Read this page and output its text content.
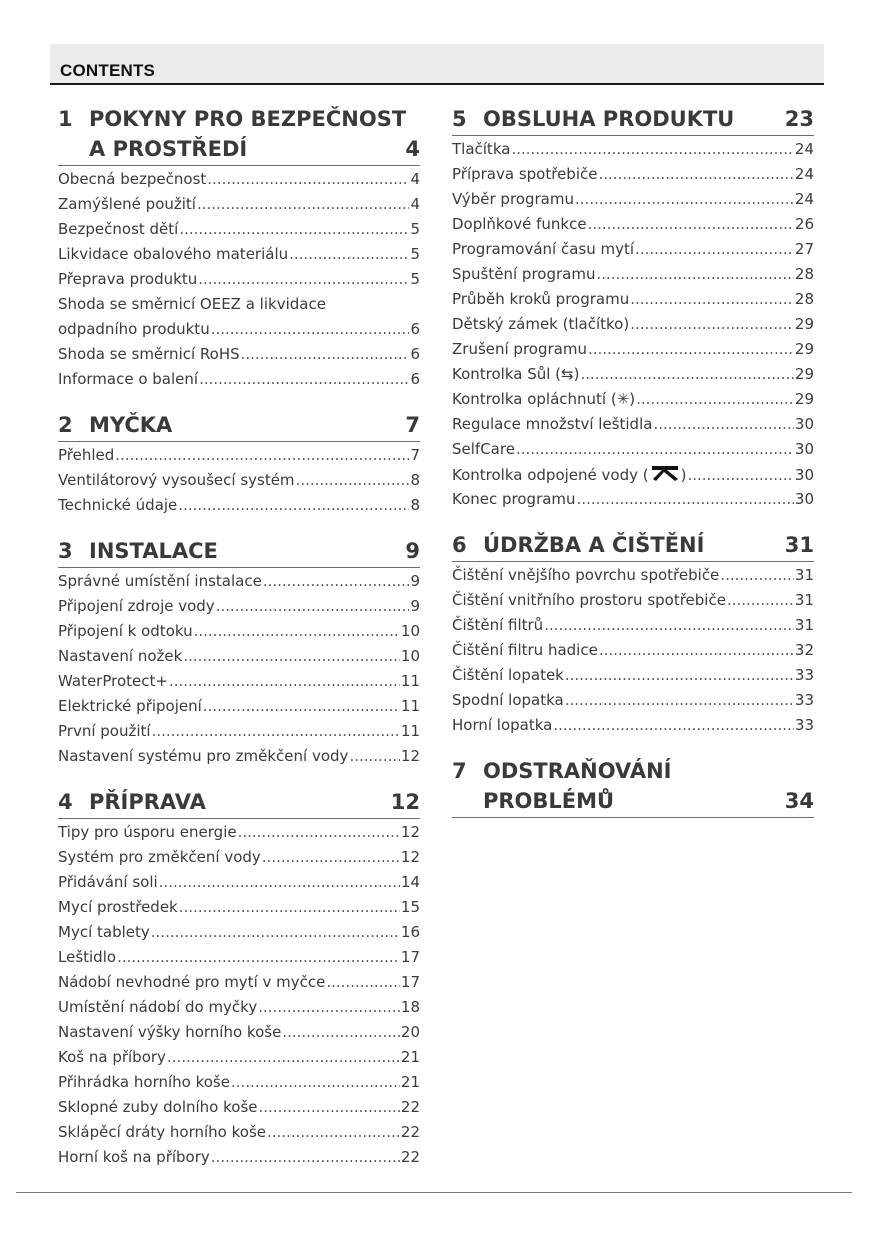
CONTENTS
1 POKYNY PRO BEZPEČNOST
A PROSTŘEDÍ	4
Obecná bezpečnost .....	4
Zamýšlené použití .....	4
Bezpečnost dětí .....	5
Likvidace obalového materiálu .....	5
Přeprava produktu .....	5
Shoda se směrnicí OEEZ a likvidace
odpadního produktu .....	6
Shoda se směrnicí RoHS .....	6
Informace o balení .....	6
2 MYČKA	7
Přehled .....	7
Ventilátorový vysoušecí systém .....	8
Technické údaje .....	8
3 INSTALACE	9
Správné umístění instalace .....	9
Připojení zdroje vody .....	9
Připojení k odtoku .....	10
Nastavení nožek .....	10
WaterProtect+ .....	11
Elektrické připojení .....	11
První použití .....	11
Nastavení systému pro změkčení vody .....	12
4 PŘÍPRAVA	12
Tipy pro úsporu energie .....	12
Systém pro změkčení vody .....	12
Přidávání soli .....	14
Mycí prostředek .....	15
Mycí tablety .....	16
Leštidlo .....	17
Nádobí nevhodné pro mytí v myčce .....	17
Umístění nádobí do myčky .....	18
Nastavení výšky horního koše .....	20
Koš na příbory .....	21
Přihrádka horního koše .....	21
Sklopné zuby dolního koše .....	22
Sklápěcí dráty horního koše .....	22
Horní koš na příbory .....	22
5 OBSLUHA PRODUKTU 23
Tlačítka .....	24
Příprava spotřebiče .....	24
Výběr programu .....	24
Doplňkové funkce .....	26
Programování času mytí .....	27
Spuštění programu .....	28
Průběh kroků programu .....	28
Dětský zámek (tlačítko) .....	29
Zrušení programu .....	29
Kontrolka Sůl (⇆) .....	29
Kontrolka opláchnutí (✳) .....	29
Regulace množství leštidla .....	30
SelfCare .....	30
Kontrolka odpojené vody ( ) .....	30
Konec programu .....	30
6 ÚDRŽBA A ČIŠTĚNÍ	31
Čištění vnějšího povrchu spotřebiče .....	31
Čištění vnitřního prostoru spotřebiče .....	31
Čištění filtrů .....	31
Čištění filtru hadice .....	32
Čištění lopatek .....	33
Spodní lopatka .....	33
Horní lopatka .....	33
7 ODSTRAŇOVÁNÍ
PROBLÉMŮ	34
